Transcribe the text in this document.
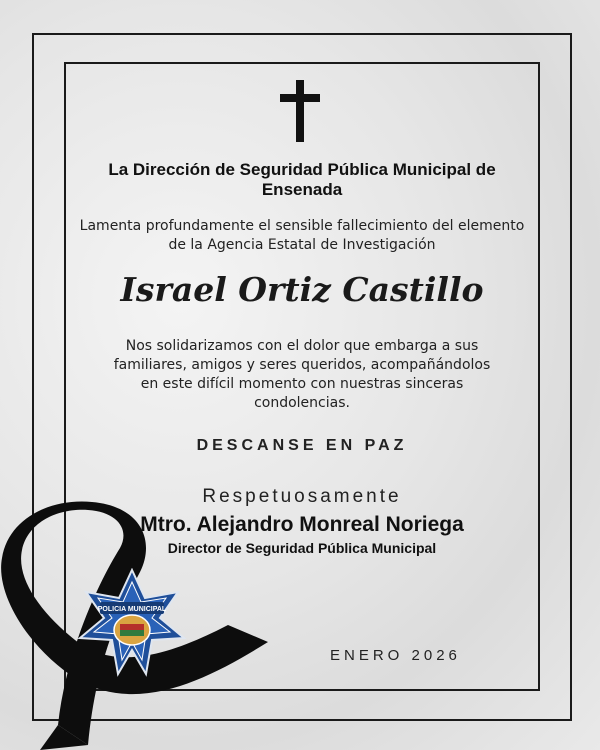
La Dirección de Seguridad Pública Municipal de Ensenada
Lamenta profundamente el sensible fallecimiento del elemento de la Agencia Estatal de Investigación
Israel Ortiz Castillo
Nos solidarizamos con el dolor que embarga a sus familiares, amigos y seres queridos, acompañándolos en este difícil momento con nuestras sinceras condolencias.
DESCANSE EN PAZ
Respetuosamente
Mtro. Alejandro Monreal Noriega
Director de Seguridad Pública Municipal
ENERO 2026
POLICIA MUNICIPAL
